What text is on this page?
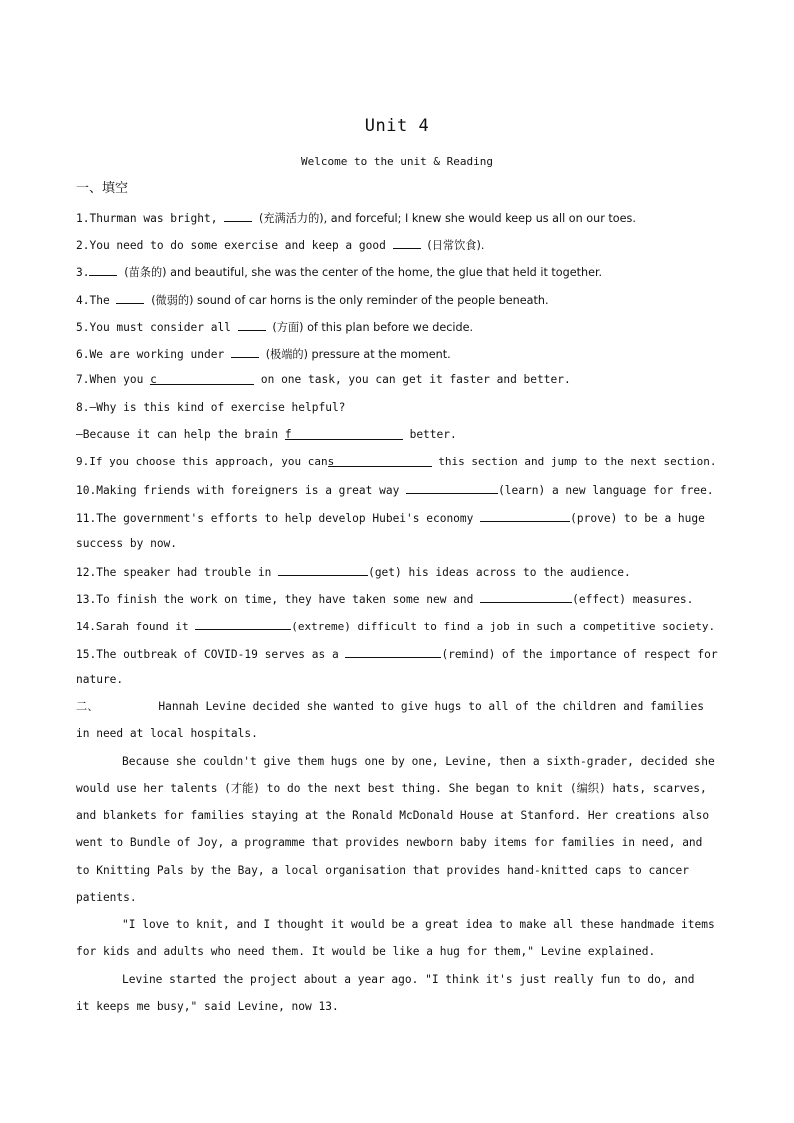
Unit 4
Welcome to the unit & Reading
一、填空
1.Thurman was bright,	(充满活力的), and forceful; I knew she would keep us all on our toes.
2.You need to do some exercise and keep a good	(日常饮食).
3.	(苗条的) and beautiful, she was the center of the home, the glue that held it together.
4.The	(微弱的) sound of car horns is the only reminder of the people beneath.
5.You must consider all	(方面) of this plan before we decide.
6.We are working under	(极端的) pressure at the moment.
7.When you c	on one task, you can get it faster and better.
8.—Why is this kind of exercise helpful?
—Because it can help the brain f	better.
9.If you choose this approach, you cans	this section and jump to the next section.
10.Making friends with foreigners is a great way	(learn) a new language for free.
11.The government's efforts to help develop Hubei's economy	(prove) to be a huge
success by now.
12.The speaker had trouble in	(get) his ideas across to the audience.
13.To finish the work on time, they have taken some new and	(effect) measures.
14.Sarah found it	(extreme) difficult to find a job in such a competitive society.
15.The outbreak of COVID-19 serves as a	(remind) of the importance of respect for
nature.
二、	Hannah Levine decided she wanted to give hugs to all of the children and families
in need at local hospitals.
Because she couldn't give them hugs one by one, Levine, then a sixth-grader, decided she
would use her talents (才能) to do the next best thing. She began to knit (编织) hats, scarves,
and blankets for families staying at the Ronald McDonald House at Stanford. Her creations also
went to Bundle of Joy, a programme that provides newborn baby items for families in need, and
to Knitting Pals by the Bay, a local organisation that provides hand-knitted caps to cancer
patients.
"I love to knit, and I thought it would be a great idea to make all these handmade items
for kids and adults who need them. It would be like a hug for them," Levine explained.
Levine started the project about a year ago. "I think it's just really fun to do, and
it keeps me busy," said Levine, now 13.
